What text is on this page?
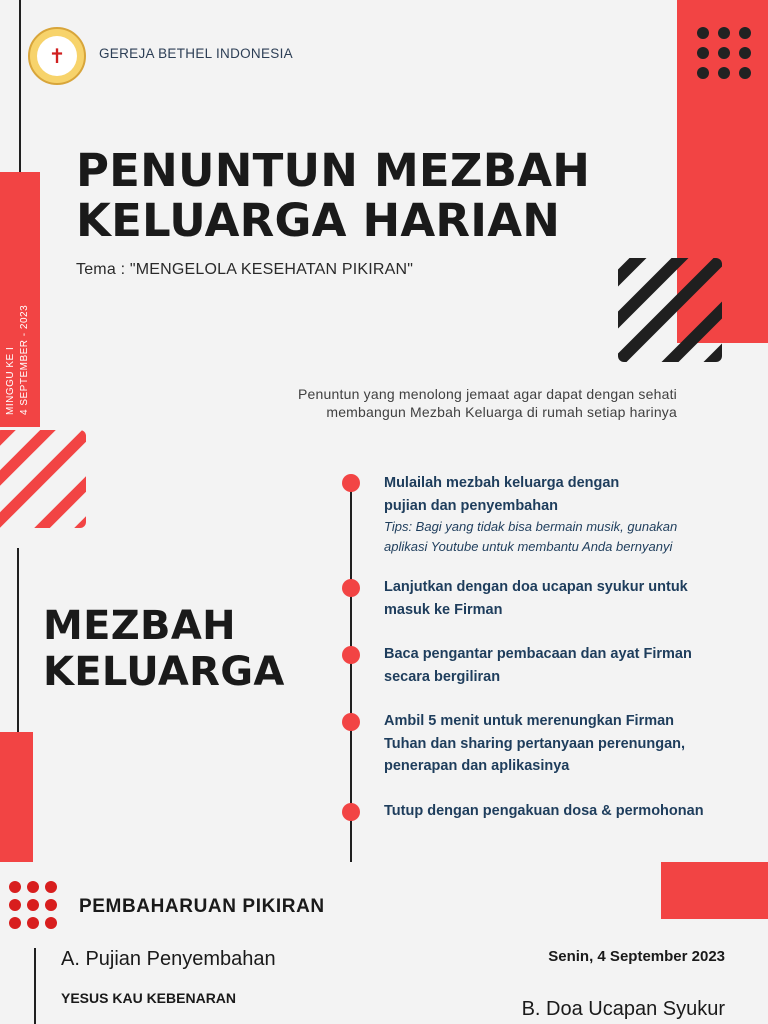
✝	GEREJA BETHEL INDONESIA
PENUNTUN MEZBAH
KELUARGA HARIAN
Tema : "MENGELOLA KESEHATAN PIKIRAN"
MINGGU KE I 4 SEPTEMBER - 2023	Penuntun yang menolong jemaat agar dapat dengan sehati
membangun Mezbah Keluarga di rumah setiap harinya
MEZBAH
KELUARGA
Mulailah mezbah keluarga dengan
pujian dan penyembahan
Tips: Bagi yang tidak bisa bermain musik, gunakan
aplikasi Youtube untuk membantu Anda bernyanyi
Lanjutkan dengan doa ucapan syukur untuk
masuk ke Firman
Baca pengantar pembacaan dan ayat Firman
secara bergiliran
Ambil 5 menit untuk merenungkan Firman
Tuhan dan sharing pertanyaan perenungan,
penerapan dan aplikasinya
Tutup dengan pengakuan dosa & permohonan
PEMBAHARUAN PIKIRAN
A. Pujian Penyembahan
YESUS KAU KEBENARAN
Senin, 4 September 2023
B. Doa Ucapan Syukur
